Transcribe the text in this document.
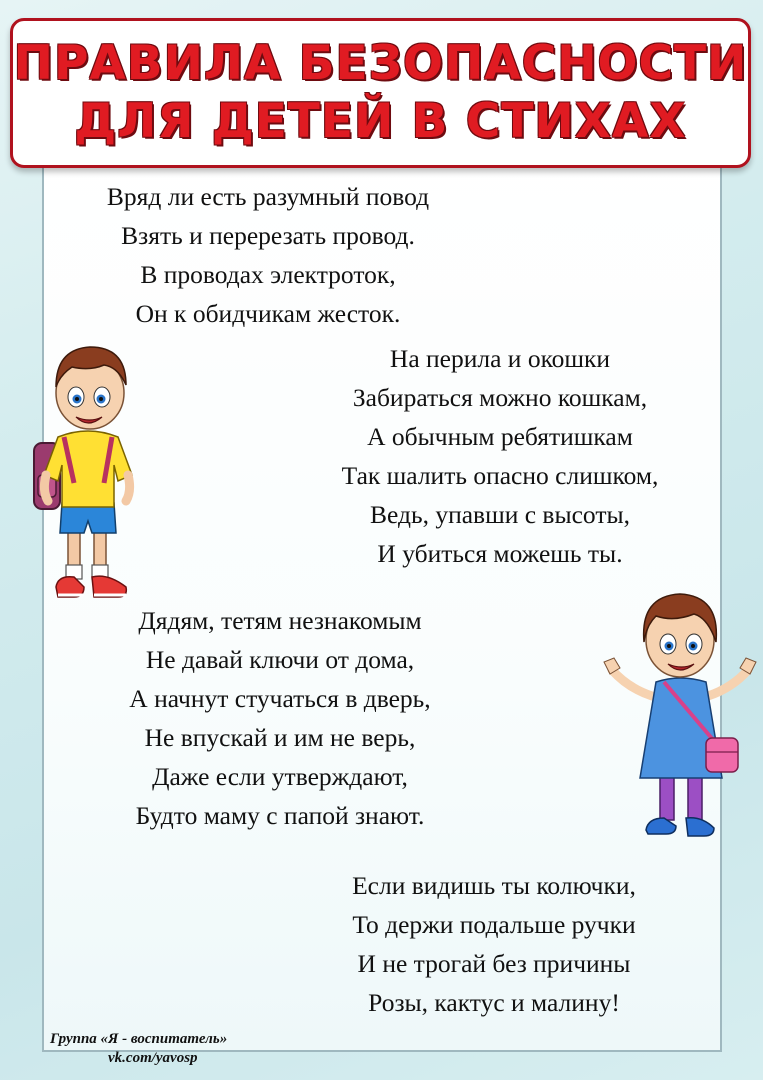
ПРАВИЛА БЕЗОПАСНОСТИ
ДЛЯ ДЕТЕЙ В СТИХАХ
Вряд ли есть разумный повод
Взять и перерезать провод.
В проводах электроток,
Он к обидчикам жесток.
На перила и окошки
Забираться можно кошкам,
А обычным ребятишкам
Так шалить опасно слишком,
Ведь, упавши с высоты,
И убиться можешь ты.
Дядям, тетям незнакомым
Не давай ключи от дома,
А начнут стучаться в дверь,
Не впускай и им не верь,
Даже если утверждают,
Будто маму с папой знают.
Если видишь ты колючки,
То держи подальше ручки
И не трогай без причины
Розы, кактус и малину!
Группа «Я - воспитатель»
vk.com/yavosp
